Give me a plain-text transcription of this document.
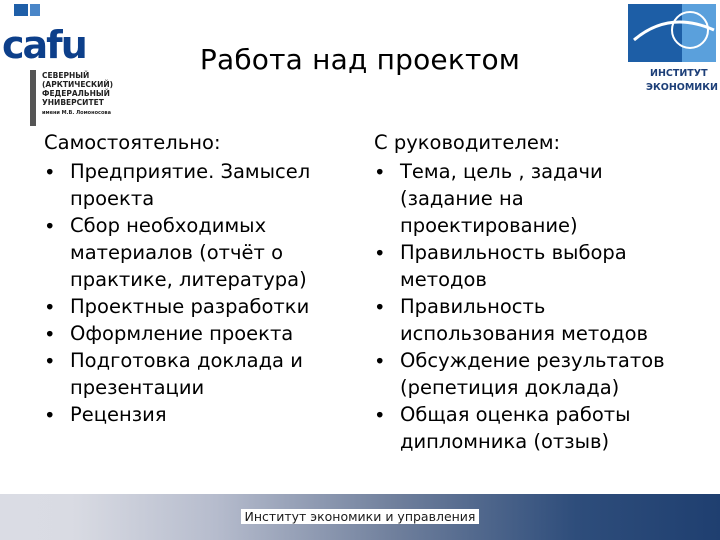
cafu
СЕВЕРНЫЙ
(АРКТИЧЕСКИЙ)
ФЕДЕРАЛЬНЫЙ
УНИВЕРСИТЕТ
имени М.В. Ломоносова
ИНСТИТУТ
ЭКОНОМИКИ
Работа над проектом
Самостоятельно:
• Предприятие. Замысел
проекта
• Сбор необходимых
материалов (отчёт о
практике, литература)
• Проектные разработки
• Оформление проекта
• Подготовка доклада и
презентации
• Рецензия
С руководителем:
• Тема, цель , задачи
(задание на
проектирование)
• Правильность выбора
методов
• Правильность
использования методов
• Обсуждение результатов
(репетиция доклада)
• Общая оценка работы
дипломника (отзыв)
Институт экономики и управления
